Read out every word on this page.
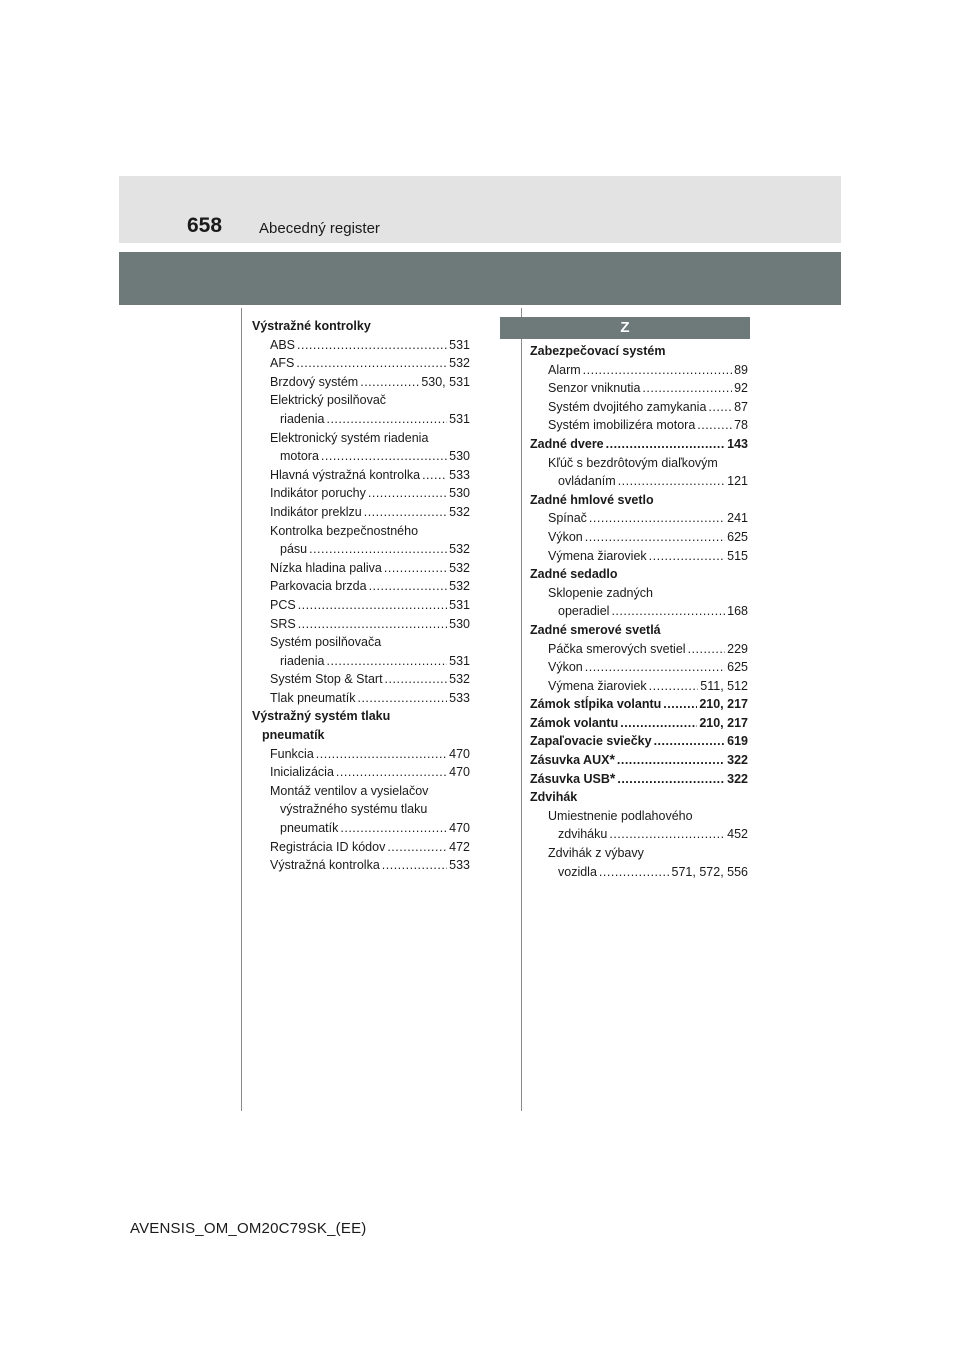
658 Abecedný register
Výstražné kontrolky
ABS .....	531
AFS .....	532
Brzdový systém .....	530, 531
Elektrický posilňovač
riadenia .....	531
Elektronický systém riadenia
motora .....	530
Hlavná výstražná kontrolka ..... 533
Indikátor poruchy .....	530
Indikátor preklzu .....	532
Kontrolka bezpečnostného
pásu .....	532
Nízka hladina paliva .....	532
Parkovacia brzda .....	532
PCS .....	531
SRS .....	530
Systém posilňovača
riadenia .....	531
Systém Stop & Start .....	532
Tlak pneumatík .....	533
Výstražný systém tlaku
pneumatík
Funkcia .....	470
Inicializácia .....	470
Montáž ventilov a vysielačov
výstražného systému tlaku
pneumatík .....	470
Registrácia ID kódov .....	472
Výstražná kontrolka .....	533
Z
Zabezpečovací systém
Alarm .....	89
Senzor vniknutia .....	92
Systém dvojitého zamykania ..... 87
Systém imobilizéra motora .....	78
Zadné dvere .....	143
Kľúč s bezdrôtovým diaľkovým
ovládaním .....	121
Zadné hmlové svetlo
Spínač .....	241
Výkon .....	625
Výmena žiaroviek .....	515
Zadné sedadlo
Sklopenie zadných
operadiel .....	168
Zadné smerové svetlá
Páčka smerových svetiel .....	229
Výkon .....	625
Výmena žiaroviek .....	511, 512
Zámok stĺpika volantu .....	210, 217
Zámok volantu .....	210, 217
Zapaľovacie sviečky .....	619
Zásuvka AUX * .....	322
Zásuvka USB * .....	322
Zdvihák
Umiestnenie podlahového
zdviháku .....	452
Zdvihák z výbavy
vozidla .....	571, 572, 556
AVENSIS_OM_OM20C79SK_(EE)
